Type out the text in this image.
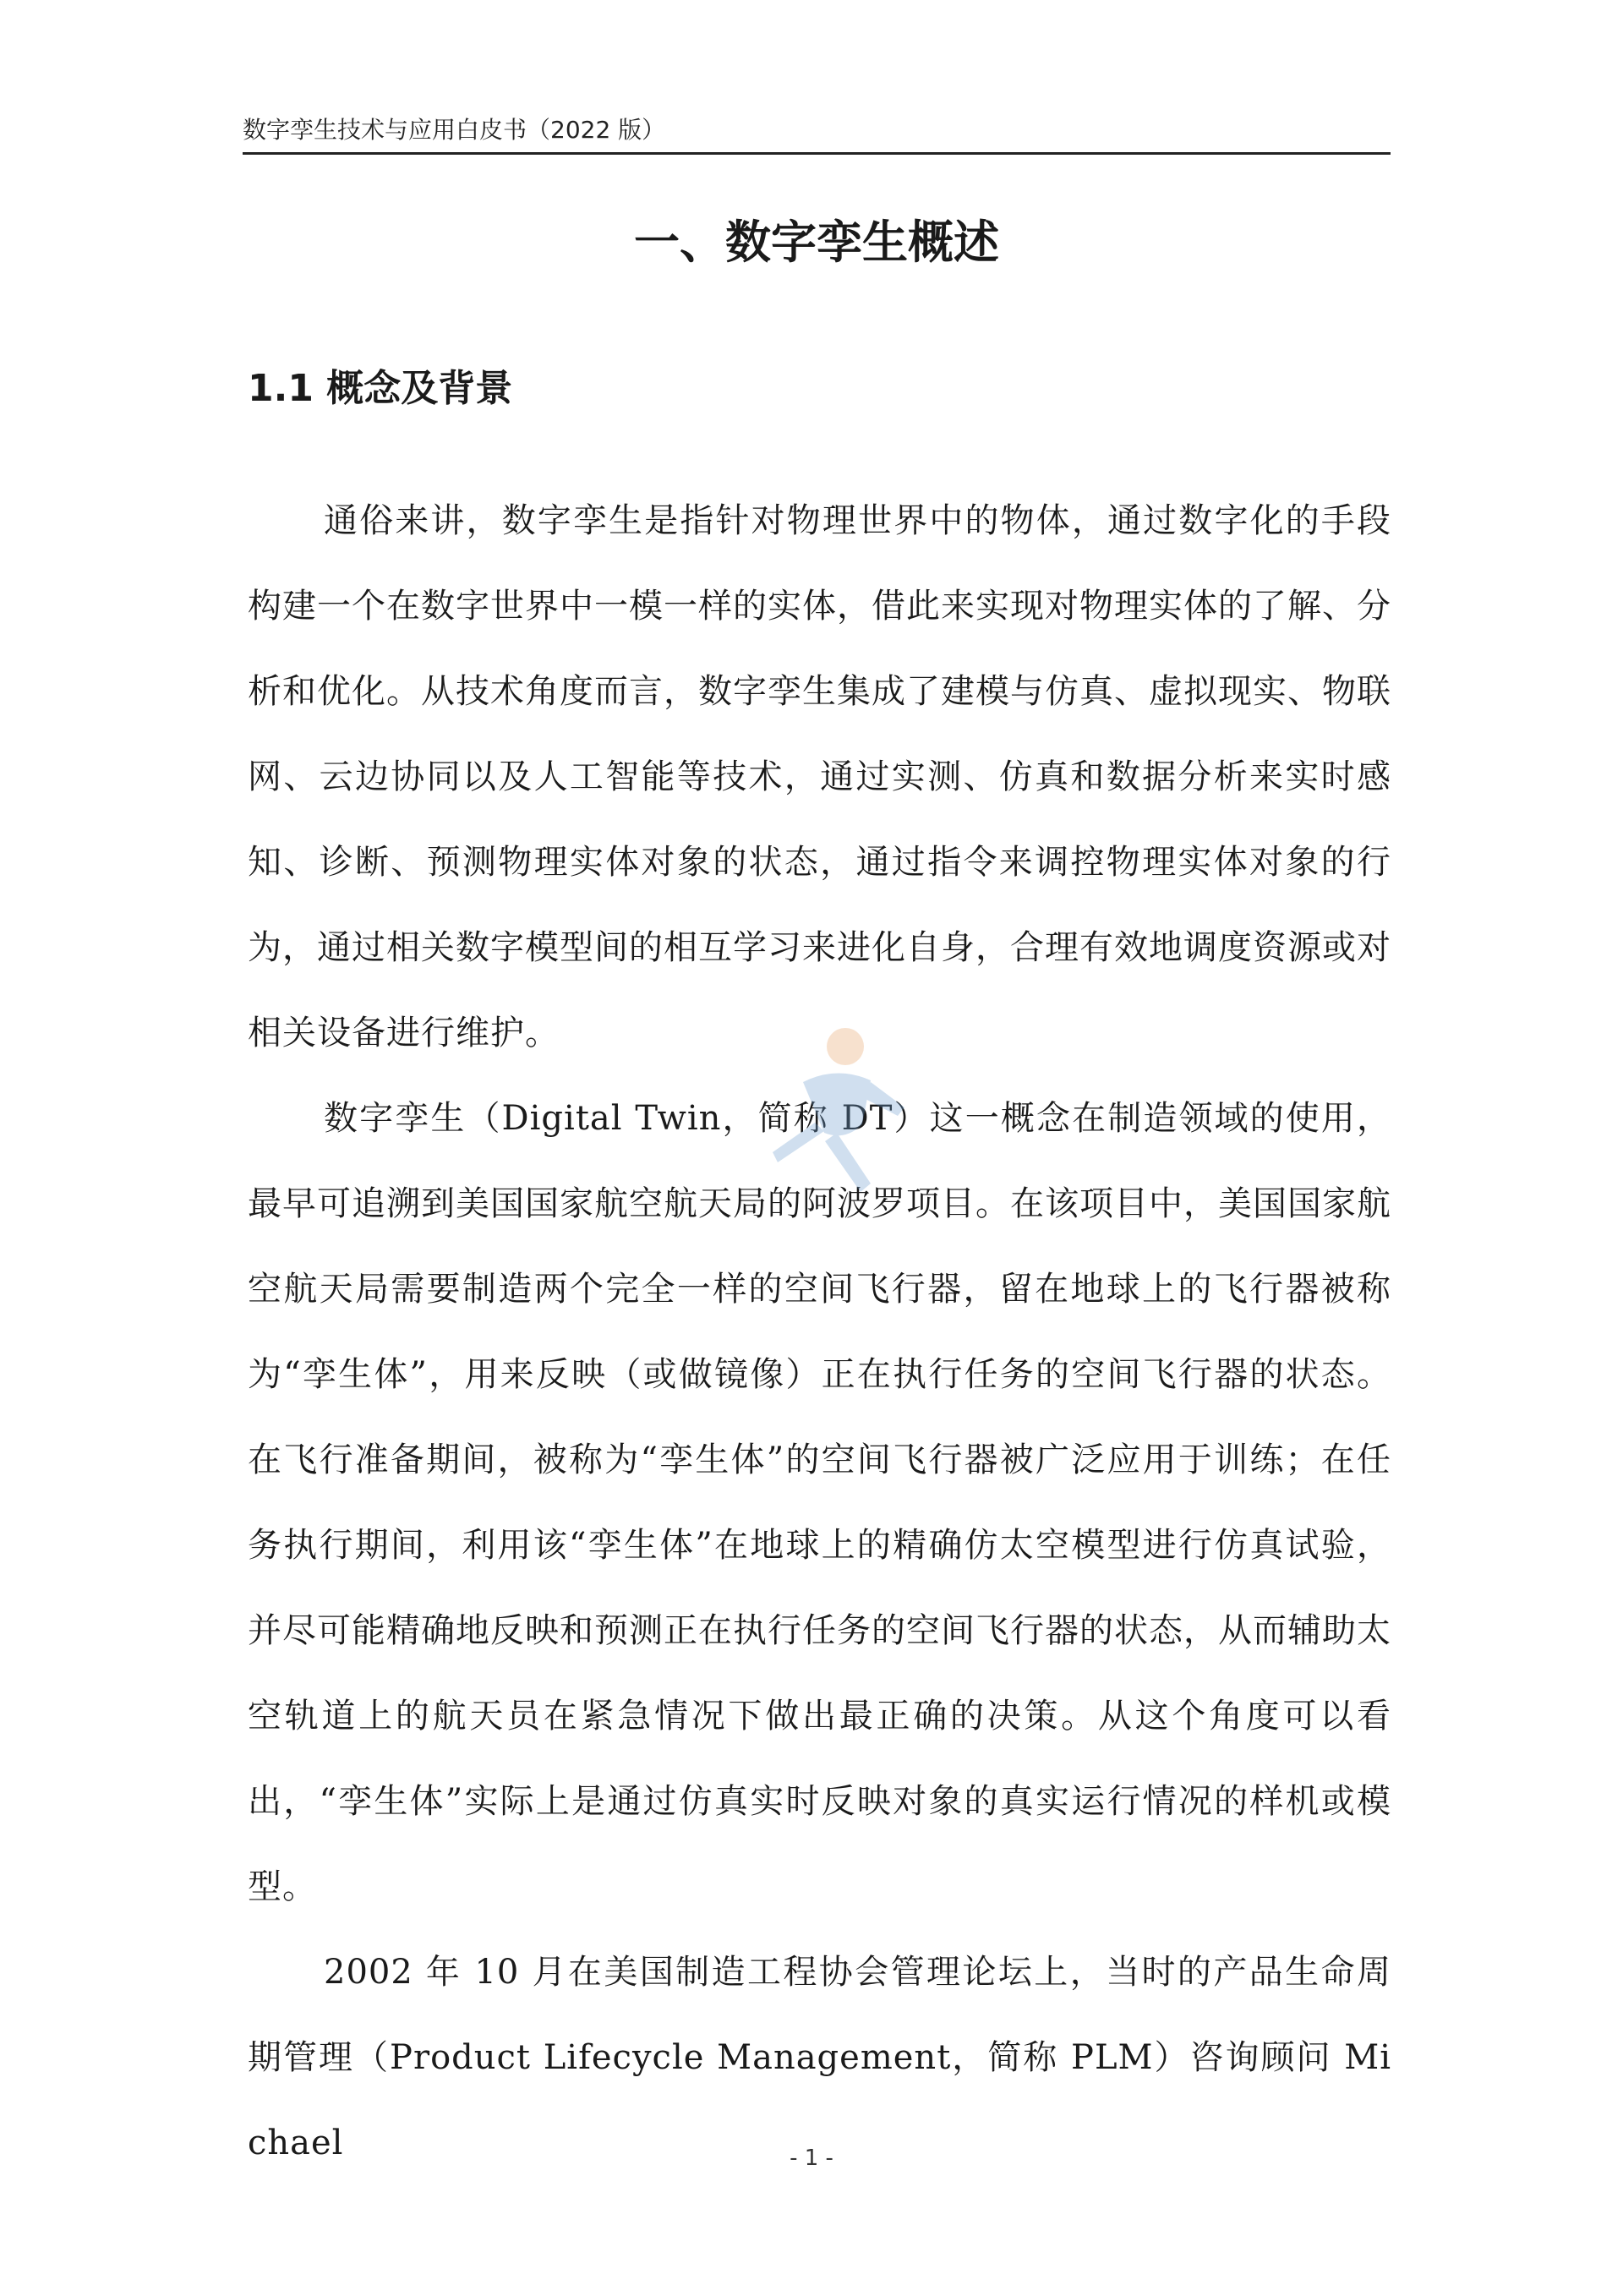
数字孪生技术与应用白皮书（2022 版）
一、数字孪生概述
1.1 概念及背景

通俗来讲，数字孪生是指针对物理世界中的物体，通过数字化的手段构建一个在数字世界中一模一样的实体，借此来实现对物理实体的了解、分析和优化。从技术角度而言，数字孪生集成了建模与仿真、虚拟现实、物联网、云边协同以及人工智能等技术，通过实测、仿真和数据分析来实时感知、诊断、预测物理实体对象的状态，通过指令来调控物理实体对象的行为，通过相关数字模型间的相互学习来进化自身，合理有效地调度资源或对相关设备进行维护。

数字孪生（Digital Twin，简称 DT）这一概念在制造领域的使用，最早可追溯到美国国家航空航天局的阿波罗项目。在该项目中，美国国家航空航天局需要制造两个完全一样的空间飞行器，留在地球上的飞行器被称为“孪生体”，用来反映（或做镜像）正在执行任务的空间飞行器的状态。在飞行准备期间，被称为“孪生体”的空间飞行器被广泛应用于训练；在任务执行期间，利用该“孪生体”在地球上的精确仿太空模型进行仿真试验，并尽可能精确地反映和预测正在执行任务的空间飞行器的状态，从而辅助太空轨道上的航天员在紧急情况下做出最正确的决策。从这个角度可以看出，“孪生体”实际上是通过仿真实时反映对象的真实运行情况的样机或模型。

2002 年 10 月在美国制造工程协会管理论坛上，当时的产品生命周期管理（Product Lifecycle Management，简称 PLM）咨询顾问 Michael	- 1 -
